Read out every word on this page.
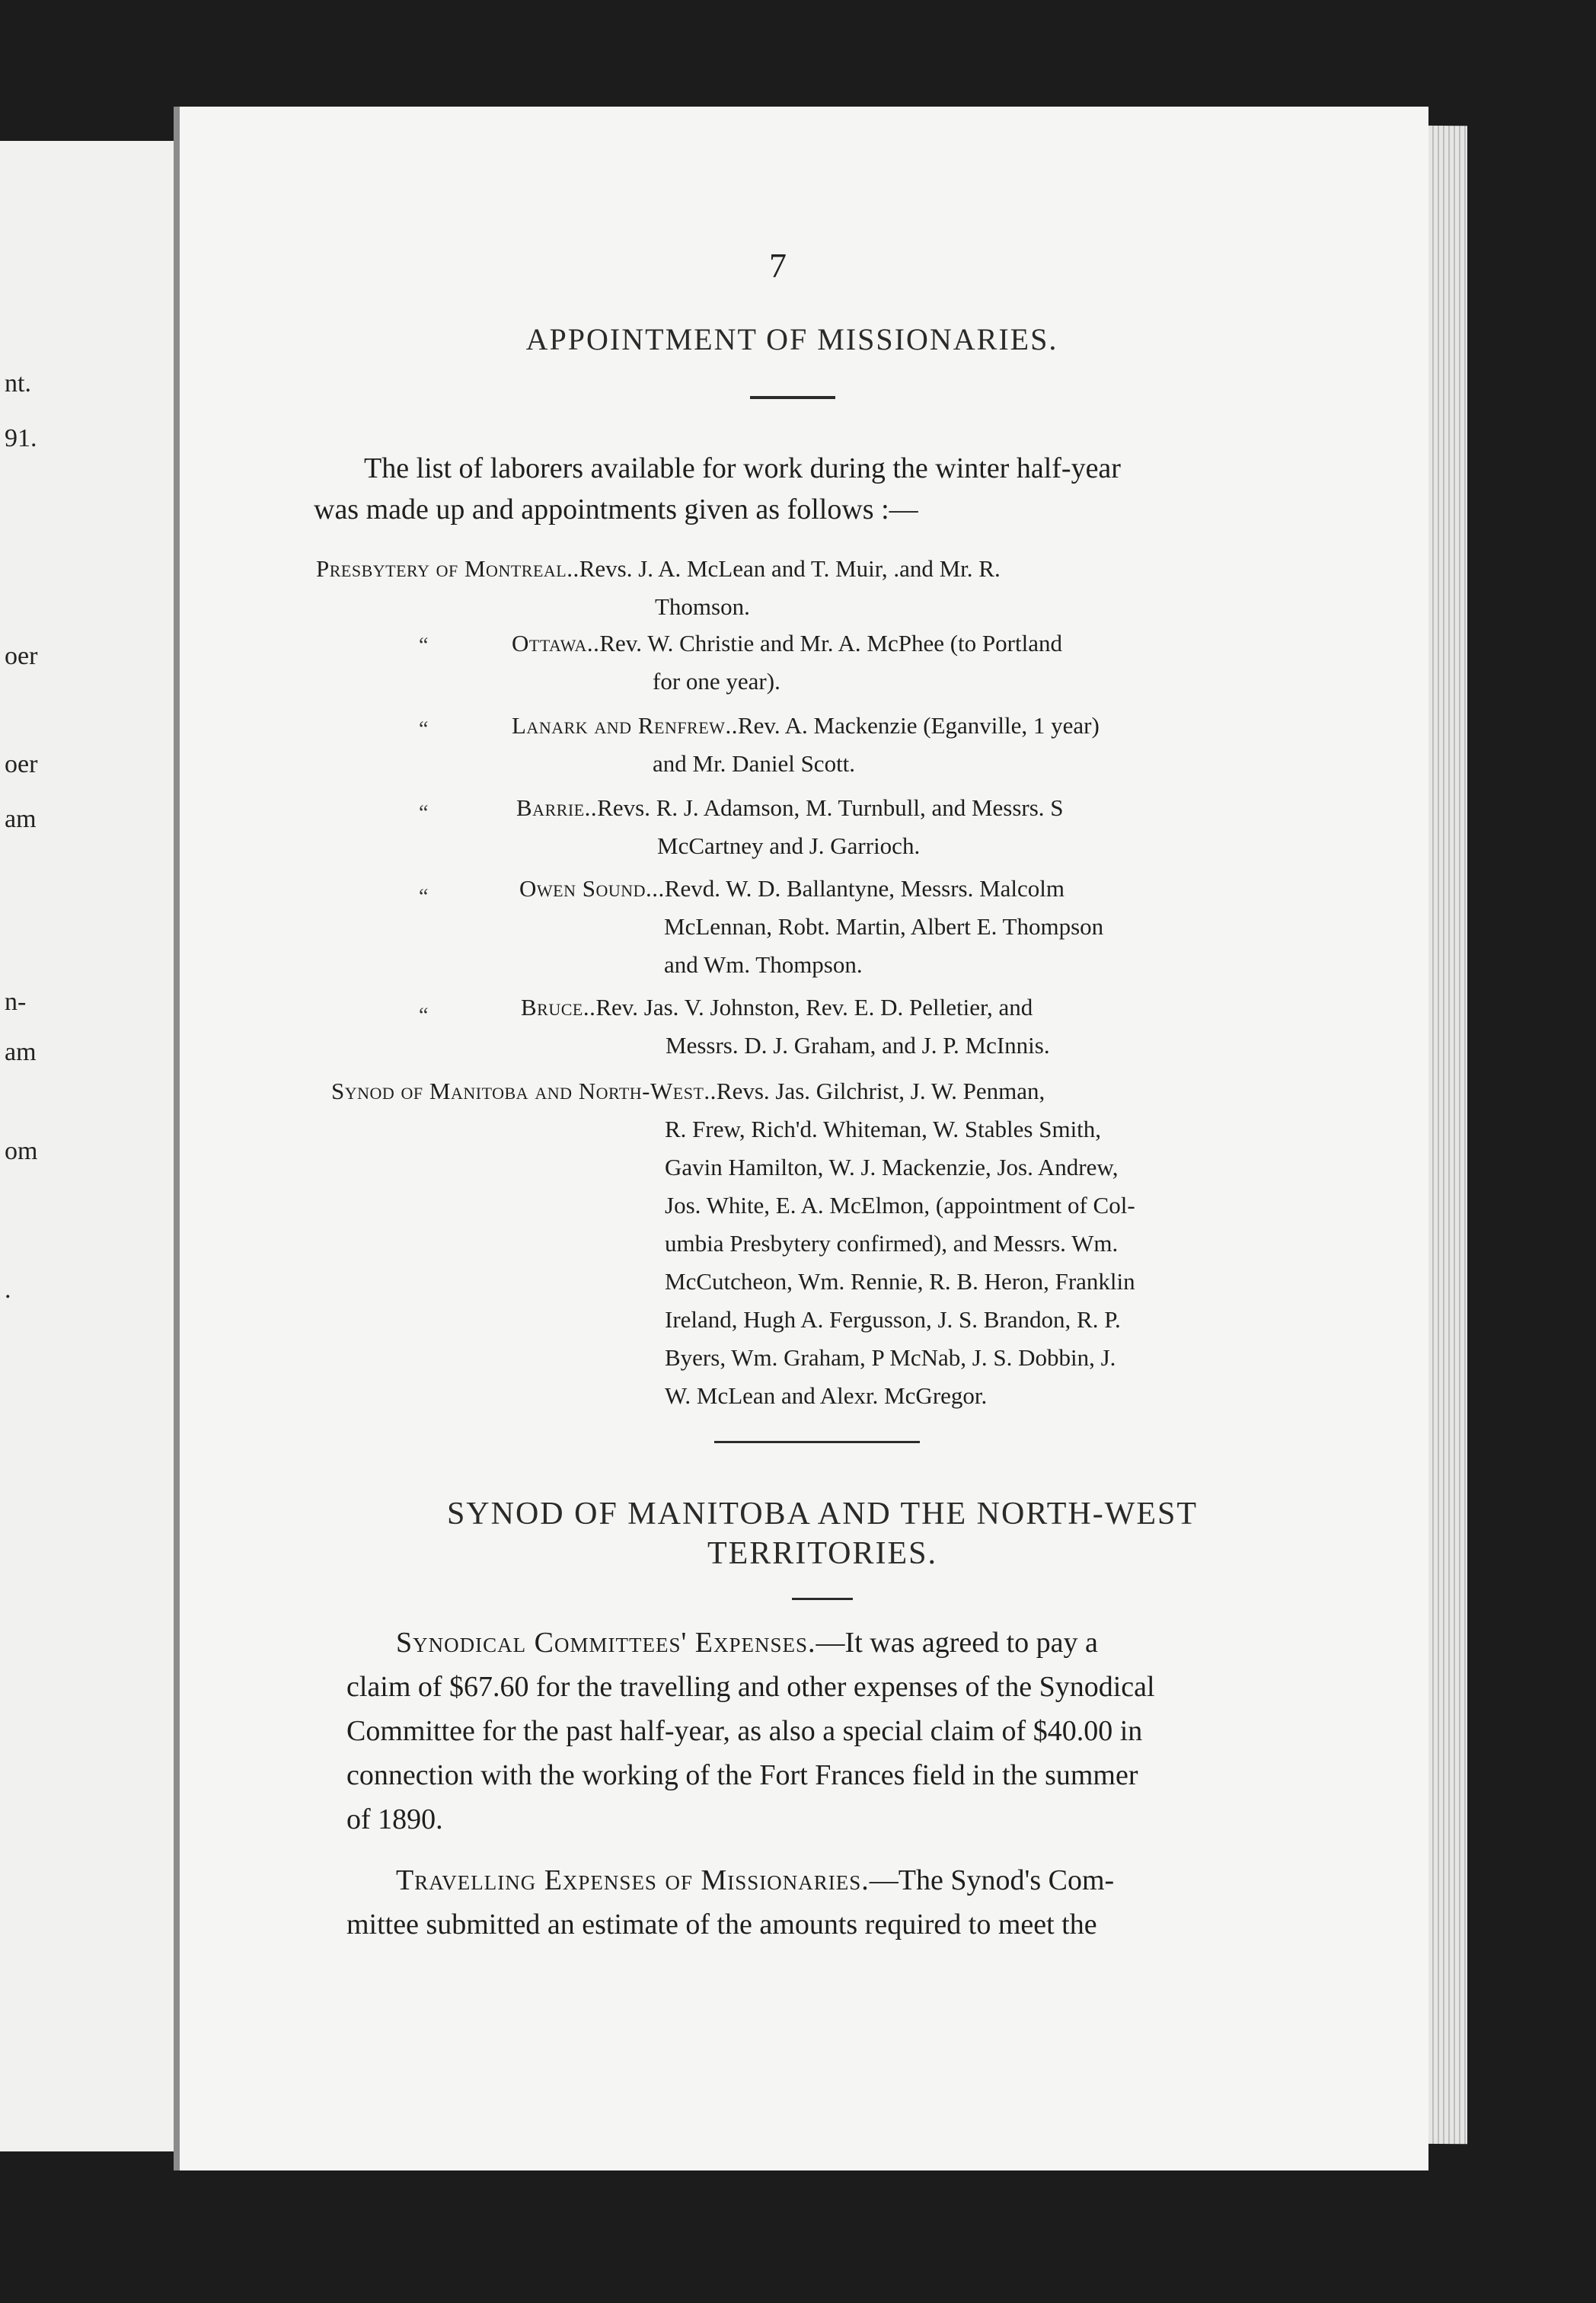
nt.
91.
oer
oer
am
n-
am
om
.
7
APPOINTMENT OF MISSIONARIES.
The list of laborers available for work during the winter half-year
was made up and appointments given as follows :—
Presbytery of Montreal..Revs. J. A. McLean and T. Muir, .and Mr. R.
Thomson.
“	Ottawa..Rev. W. Christie and Mr. A. McPhee (to Portland
for one year).
“	Lanark and Renfrew..Rev. A. Mackenzie (Eganville, 1 year)
and Mr. Daniel Scott.
“	Barrie..Revs. R. J. Adamson, M. Turnbull, and Messrs. S
McCartney and J. Garrioch.
“	Owen Sound...Revd. W. D. Ballantyne, Messrs. Malcolm
McLennan, Robt. Martin, Albert E. Thompson
and Wm. Thompson.
“	Bruce..Rev. Jas. V. Johnston, Rev. E. D. Pelletier, and
Messrs. D. J. Graham, and J. P. McInnis.
Synod of Manitoba and North-West..Revs. Jas. Gilchrist, J. W. Penman,
R. Frew, Rich'd. Whiteman, W. Stables Smith,
Gavin Hamilton, W. J. Mackenzie, Jos. Andrew,
Jos. White, E. A. McElmon, (appointment of Col-
umbia Presbytery confirmed), and Messrs. Wm.
McCutcheon, Wm. Rennie, R. B. Heron, Franklin
Ireland, Hugh A. Fergusson, J. S. Brandon, R. P.
Byers, Wm. Graham, P McNab, J. S. Dobbin, J.
W. McLean and Alexr. McGregor.
SYNOD OF MANITOBA AND THE NORTH-WEST
TERRITORIES.
Synodical Committees' Expenses.—It was agreed to pay a
claim of $67.60 for the travelling and other expenses of the Synodical
Committee for the past half-year, as also a special claim of $40.00 in
connection with the working of the Fort Frances field in the summer
of 1890.
Travelling Expenses of Missionaries.—The Synod's Com-
mittee submitted an estimate of the amounts required to meet the
